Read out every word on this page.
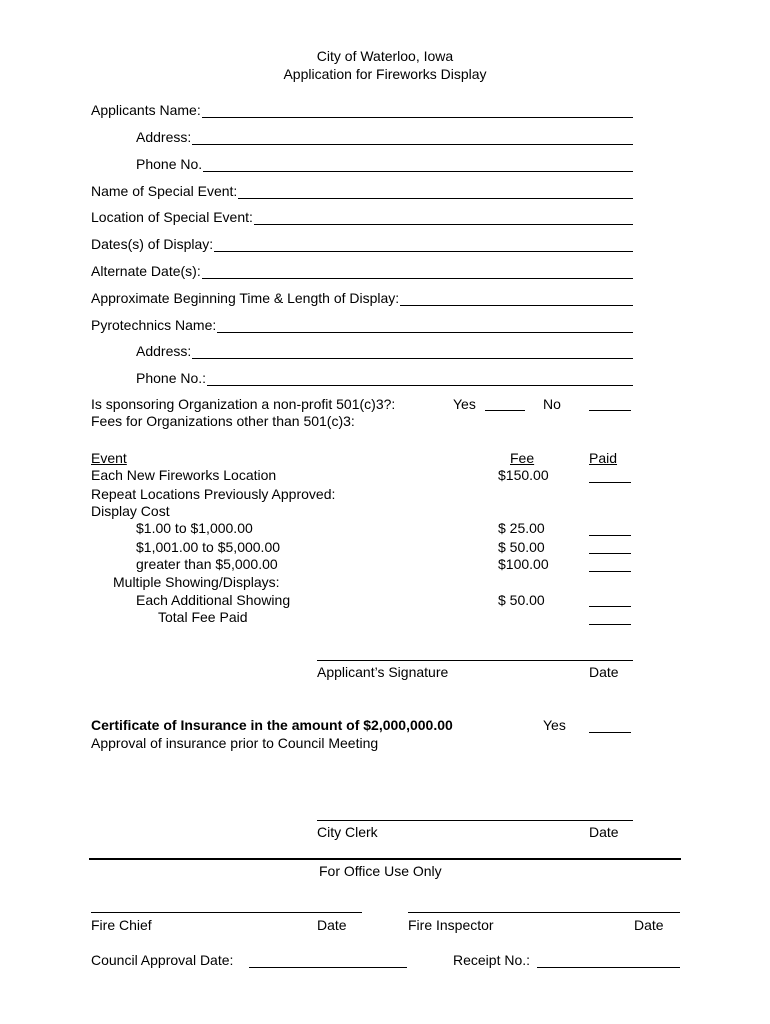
City of Waterloo, Iowa
Application for Fireworks Display
Applicants Name:
Address:
Phone No.
Name of Special Event:
Location of Special Event:
Dates(s) of Display:
Alternate Date(s):
Approximate Beginning Time & Length of Display:
Pyrotechnics Name:
Address:
Phone No.:
Is sponsoring Organization a non-profit 501(c)3?:	Yes	No
Fees for Organizations other than 501(c)3:
Event	Fee	Paid
Each New Fireworks Location	$150.00
Repeat Locations Previously Approved:
Display Cost
$1.00 to $1,000.00	$ 25.00
$1,001.00 to $5,000.00	$ 50.00
greater than $5,000.00	$100.00
Multiple Showing/Displays:
Each Additional Showing	$ 50.00
Total Fee Paid
Applicant’s Signature	Date
Certificate of Insurance in the amount of $2,000,000.00	Yes
Approval of insurance prior to Council Meeting
City Clerk	Date
For Office Use Only
Fire Chief	Date	Fire Inspector	Date
Council Approval Date:	Receipt No.:
